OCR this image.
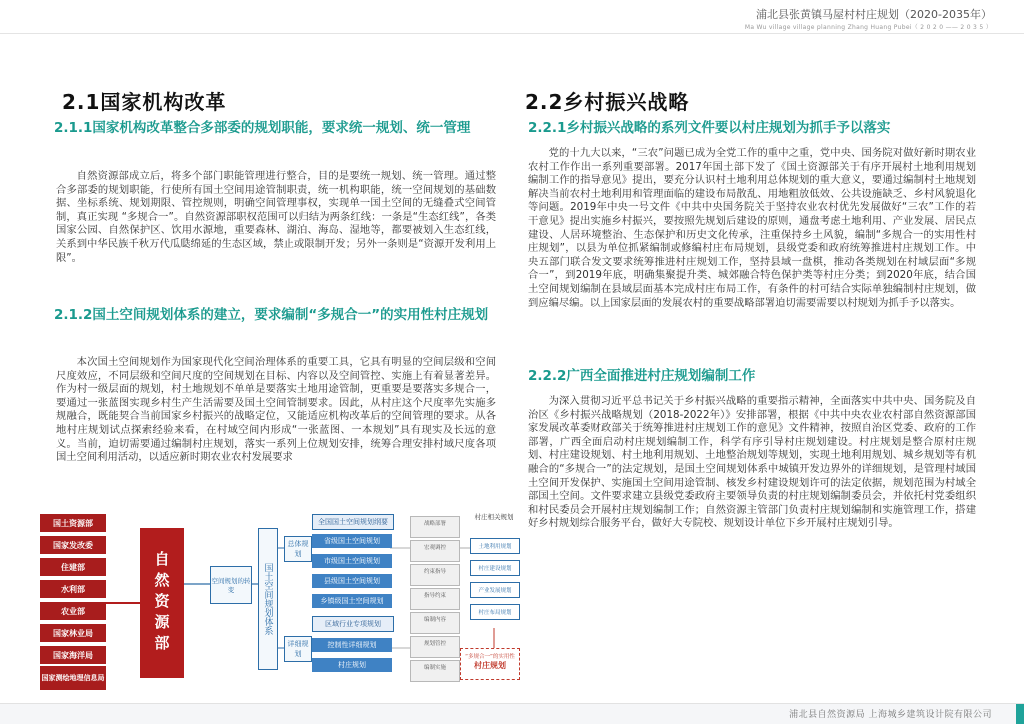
浦北县张黄镇马屋村村庄规划（2020-2035年）
Ma Wu village village planning Zhang Huang Pubei（ 2 0 2 0 —— 2 0 3 5 ）
2.1国家机构改革
2.1.1国家机构改革整合多部委的规划职能，要求统一规划、统一管理

自然资源部成立后，将多个部门职能管理进行整合，目的是要统一规划、统一管理。通过整合多部委的规划职能，行使所有国土空间用途管制职责，统一机构职能，统一空间规划的基础数据、坐标系统、规划期限、管控规则，明确空间管理事权，实现单一国土空间的无缝叠式空间管制，真正实现 “多规合一”。自然资源部职权范围可以归结为两条红线：一条是“生态红线”，各类国家公园、自然保护区、饮用水源地，重要森林、湖泊、海岛、湿地等，都要被划入生态红线，关系到中华民族千秋万代瓜瓞绵延的生态区域，禁止或限制开发；另外一条则是“资源开发利用上限”。

2.1.2国土空间规划体系的建立，要求编制“多规合一”的实用性村庄规划

本次国土空间规划作为国家现代化空间治理体系的重要工具，它具有明显的空间层级和空间尺度效应，不同层级和空间尺度的空间规划在目标、内容以及空间管控、实施上有着显著差异。作为村一级层面的规划，村土地规划不单单是要落实土地用途管制，更重要是要落实多规合一，要通过一张蓝图实现乡村生产生活需要及国土空间管制要求。因此，从村庄这个尺度率先实施多规融合，既能契合当前国家乡村振兴的战略定位，又能适应机构改革后的空间管理的要求。从各地村庄规划试点探索经验来看，在村域空间内形成“一张蓝图、一本规划”具有现实及长远的意义。当前，迫切需要通过编制村庄规划，落实一系列上位规划安排，统筹合理安排村域尺度各项国土空间利用活动，以适应新时期农业农村发展要求

国土资源部
国家发改委
住建部
水利部
农业部
国家林业局
国家海洋局
国家测绘地理信息局
自然资源部	空间规划的转变	国土空间规划体系
总体规划
详细规划
全国国土空间规划纲要
省级国土空间规划
市级国土空间规划
县级国土空间规划
乡镇级国土空间规划
区域行业专项规划
控制性详细规划
村庄规划
战略部署
宏观调控
约束指导
指导约束
编制内容
规划管控
编制实施
村庄相关规划
土地利用规划
村庄建设规划
产业发展规划
村庄布局规划
“多规合一”的实用性
村庄规划
2.2乡村振兴战略
2.2.1乡村振兴战略的系列文件要以村庄规划为抓手予以落实

党的十九大以来，“三农”问题已成为全党工作的重中之重，党中央、国务院对做好新时期农业农村工作作出一系列重要部署。2017年国土部下发了《国土资源部关于有序开展村土地利用规划编制工作的指导意见》提出，要充分认识村土地利用总体规划的重大意义，要通过编制村土地规划解决当前农村土地利用和管理面临的建设布局散乱、用地粗放低效、公共设施缺乏、乡村风貌退化等问题。2019年中央一号文件《中共中央国务院关于坚持农业农村优先发展做好“三农”工作的若干意见》提出实施乡村振兴，要按照先规划后建设的原则，通盘考虑土地利用、产业发展、居民点建设、人居环境整治、生态保护和历史文化传承，注重保持乡土风貌，编制“多规合一的实用性村庄规划”，以县为单位抓紧编制或修编村庄布局规划，县级党委和政府统筹推进村庄规划工作。中央五部门联合发文要求统筹推进村庄规划工作，坚持县域一盘棋，推动各类规划在村域层面“多规合一”，到2019年底，明确集聚提升类、城郊融合特色保护类等村庄分类；到2020年底，结合国土空间规划编制在县域层面基本完成村庄布局工作，有条件的村可结合实际单独编制村庄规划，做到应编尽编。以上国家层面的发展农村的重要战略部署迫切需要需要以村规划为抓手予以落实。

2.2.2广西全面推进村庄规划编制工作

为深入贯彻习近平总书记关于乡村振兴战略的重要指示精神，全面落实中共中央、国务院及自治区《乡村振兴战略规划（2018-2022年）》安排部署，根据《中共中央农业农村部自然资源部国家发展改革委财政部关于统筹推进村庄规划工作的意见》文件精神，按照自治区党委、政府的工作部署，广西全面启动村庄规划编制工作，科学有序引导村庄规划建设。村庄规划是整合原村庄规划、村庄建设规划、村土地利用规划、土地整治规划等规划，实现土地利用规划、城乡规划等有机融合的“多规合一”的法定规划，是国土空间规划体系中城镇开发边界外的详细规划，是管理村域国土空间开发保护、实施国土空间用途管制、核发乡村建设规划许可的法定依据，规划范围为村域全部国土空间。文件要求建立县级党委政府主要领导负责的村庄规划编制委员会，并依托村党委组织和村民委员会开展村庄规划编制工作；自然资源主管部门负责村庄规划编制和实施管理工作，搭建好乡村规划综合服务平台，做好大专院校、规划设计单位下乡开展村庄规划引导。

浦北县自然资源局 上海城乡建筑设计院有限公司
